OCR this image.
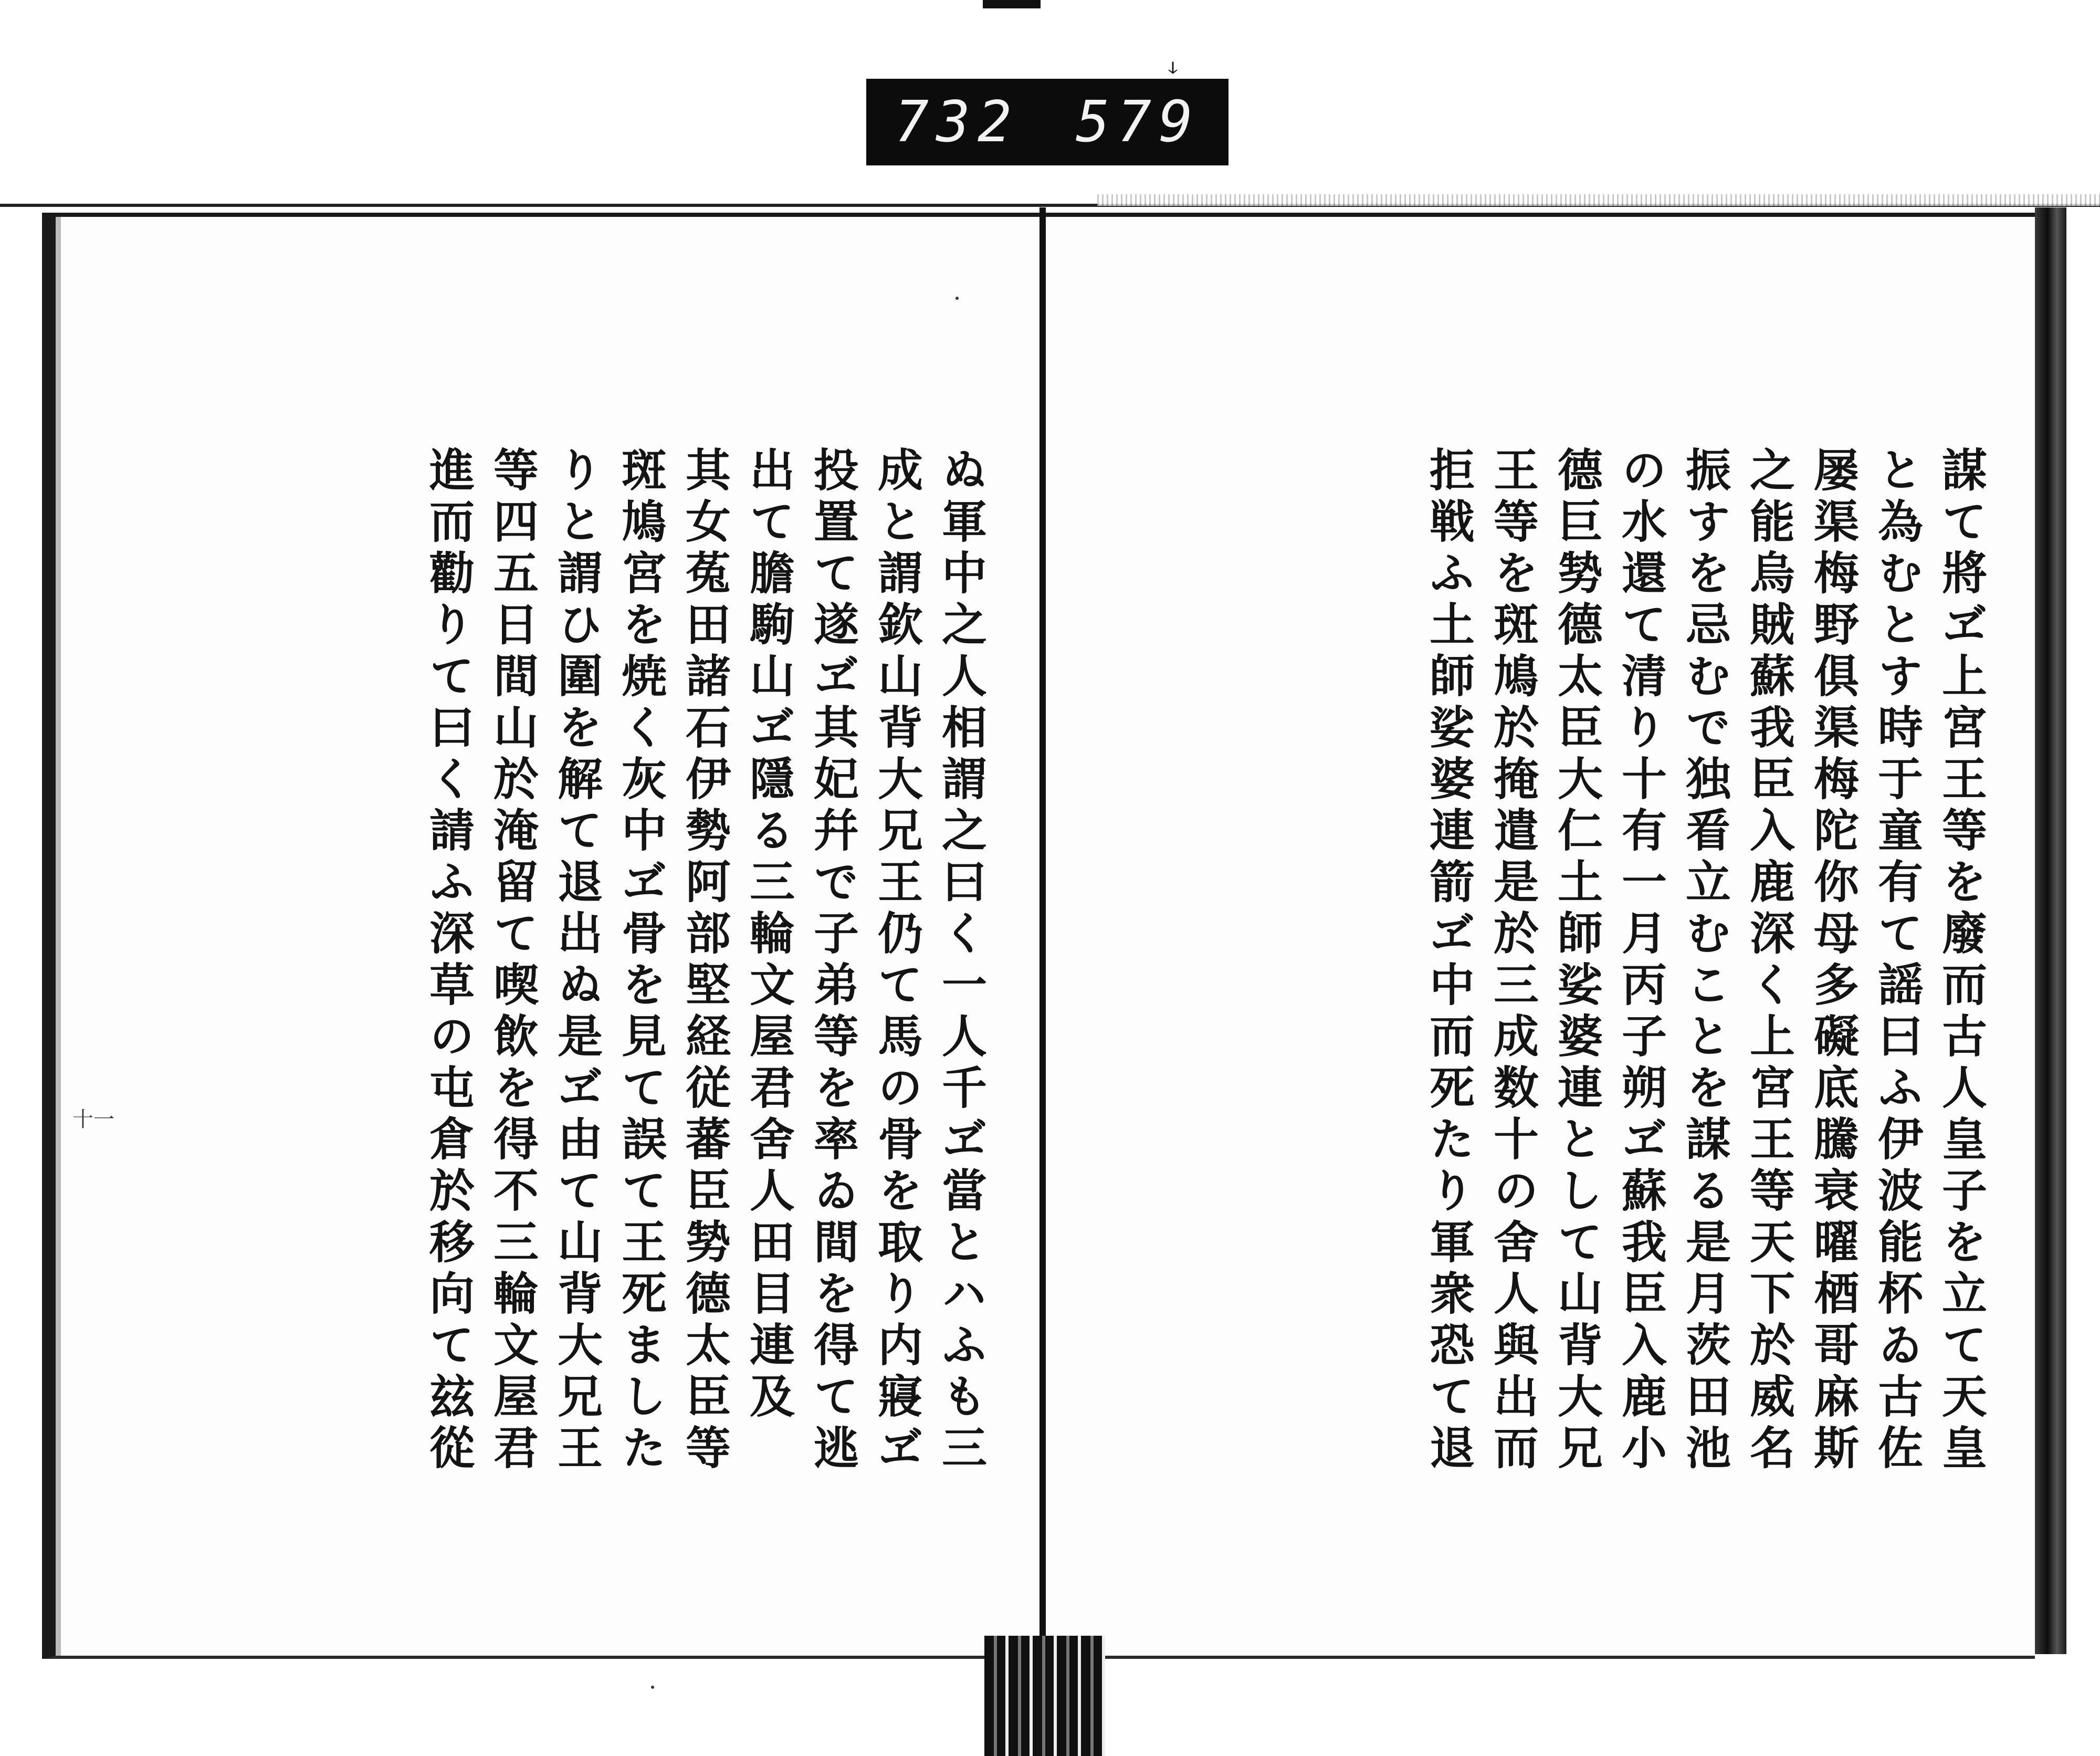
ↆ
732 579
ぬ軍中之人相謂之曰く一人千ヹ當とハふも三
成と謂欽山背大兄王仍て馬の骨を取り内寢ヹ
投置て遂ヹ其妃幷で子弟等を率ゐ間を得て逃
出て膽駒山ヹ隱る三輪文屋君舍人田目連及
其女菟田諸石伊勢阿部堅経従蕃臣㔟德太臣等
斑鳩宮を焼く灰中ヹ骨を見て誤て王死ました
りと謂ひ圍を解て退出ぬ是ヹ由て山背大兄王
等四五日間山於淹留て喫飲を得不三輪文屋君
進而勸りて曰く請ふ深草の屯倉於移向て玆從
十一	謀て將ヹ上宮王等を廢而古人皇子を立て天皇
と為むとす時于童有て謡曰ふ伊波能杯ゐ古佐
屡渠梅野俱渠梅陀你母多礙底騰衰曜梄哥麻斯
之能烏賊蘇我臣入鹿深く上宮王等天下於威名
振すを忌むで独㸔立むことを謀る是月茨田池
の水還て清り十有一月丙子朔ヹ蘇我臣入鹿小
德巨㔟德太臣大仁土師娑婆連として山背大兄
王等を斑鳩於掩遣是於三成数十の舍人與出而
拒戦ふ土師娑婆連箭ヹ中而死たり軍衆恐て退
